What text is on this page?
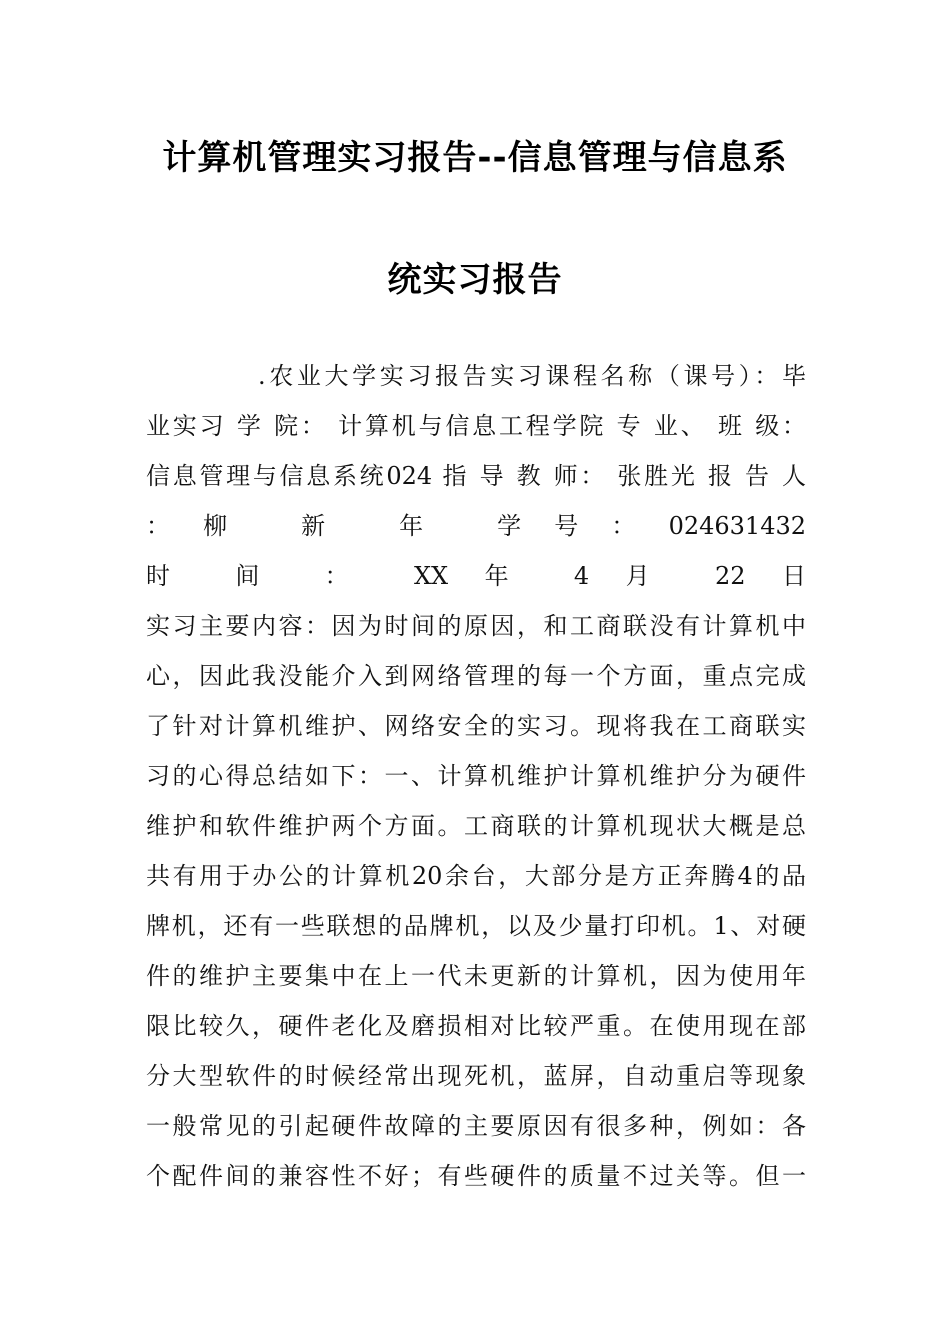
计算机管理实习报告--信息管理与信息系
统实习报告
.农业大学实习报告实习课程名称（课号）：毕
业实习 学 院： 计算机与信息工程学院 专 业、 班 级：
信息管理与信息系统024 指 导 教 师： 张胜光 报 告 人
：柳 新 年 学号：024631432
时 间 ： XX 年 4 月 22 日
实习主要内容：因为时间的原因，和工商联没有计算机中
心，因此我没能介入到网络管理的每一个方面，重点完成
了针对计算机维护、网络安全的实习。现将我在工商联实
习的心得总结如下：一、计算机维护计算机维护分为硬件
维护和软件维护两个方面。工商联的计算机现状大概是总
共有用于办公的计算机20余台，大部分是方正奔腾4的品
牌机，还有一些联想的品牌机，以及少量打印机。1、对硬
件的维护主要集中在上一代未更新的计算机，因为使用年
限比较久，硬件老化及磨损相对比较严重。在使用现在部
分大型软件的时候经常出现死机，蓝屏，自动重启等现象
一般常见的引起硬件故障的主要原因有很多种，例如：各
个配件间的兼容性不好；有些硬件的质量不过关等。但一
